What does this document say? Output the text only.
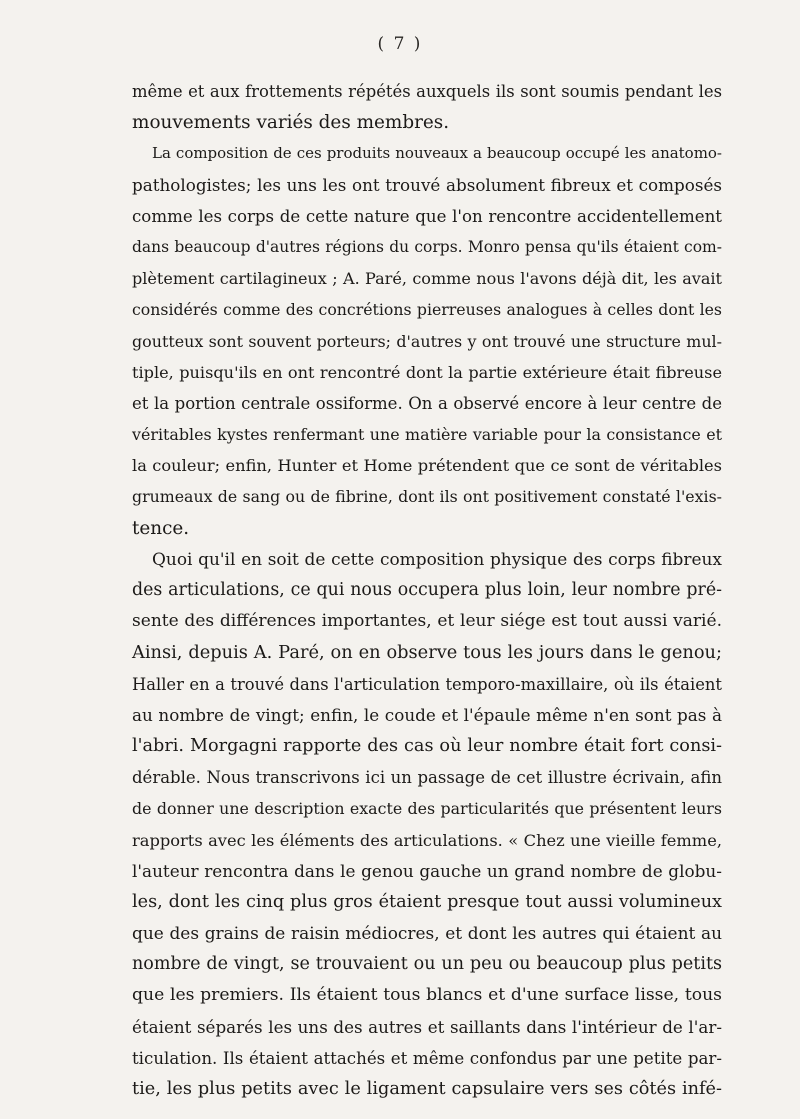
( 7 )
même et aux frottements répétés auxquels ils sont soumis pendant les
mouvements variés des membres.
La composition de ces produits nouveaux a beaucoup occupé les anatomo-
pathologistes; les uns les ont trouvé absolument fibreux et composés
comme les corps de cette nature que l'on rencontre accidentellement
dans beaucoup d'autres régions du corps. Monro pensa qu'ils étaient com-
plètement cartilagineux ; A. Paré, comme nous l'avons déjà dit, les avait
considérés comme des concrétions pierreuses analogues à celles dont les
goutteux sont souvent porteurs; d'autres y ont trouvé une structure mul-
tiple, puisqu'ils en ont rencontré dont la partie extérieure était fibreuse
et la portion centrale ossiforme. On a observé encore à leur centre de
véritables kystes renfermant une matière variable pour la consistance et
la couleur; enfin, Hunter et Home prétendent que ce sont de véritables
grumeaux de sang ou de fibrine, dont ils ont positivement constaté l'exis-
tence.
Quoi qu'il en soit de cette composition physique des corps fibreux
des articulations, ce qui nous occupera plus loin, leur nombre pré-
sente des différences importantes, et leur siége est tout aussi varié.
Ainsi, depuis A. Paré, on en observe tous les jours dans le genou;
Haller en a trouvé dans l'articulation temporo-maxillaire, où ils étaient
au nombre de vingt; enfin, le coude et l'épaule même n'en sont pas à
l'abri. Morgagni rapporte des cas où leur nombre était fort consi-
dérable. Nous transcrivons ici un passage de cet illustre écrivain, afin
de donner une description exacte des particularités que présentent leurs
rapports avec les éléments des articulations. « Chez une vieille femme,
l'auteur rencontra dans le genou gauche un grand nombre de globu-
les, dont les cinq plus gros étaient presque tout aussi volumineux
que des grains de raisin médiocres, et dont les autres qui étaient au
nombre de vingt, se trouvaient ou un peu ou beaucoup plus petits
que les premiers. Ils étaient tous blancs et d'une surface lisse, tous
étaient séparés les uns des autres et saillants dans l'intérieur de l'ar-
ticulation. Ils étaient attachés et même confondus par une petite par-
tie, les plus petits avec le ligament capsulaire vers ses côtés infé-
